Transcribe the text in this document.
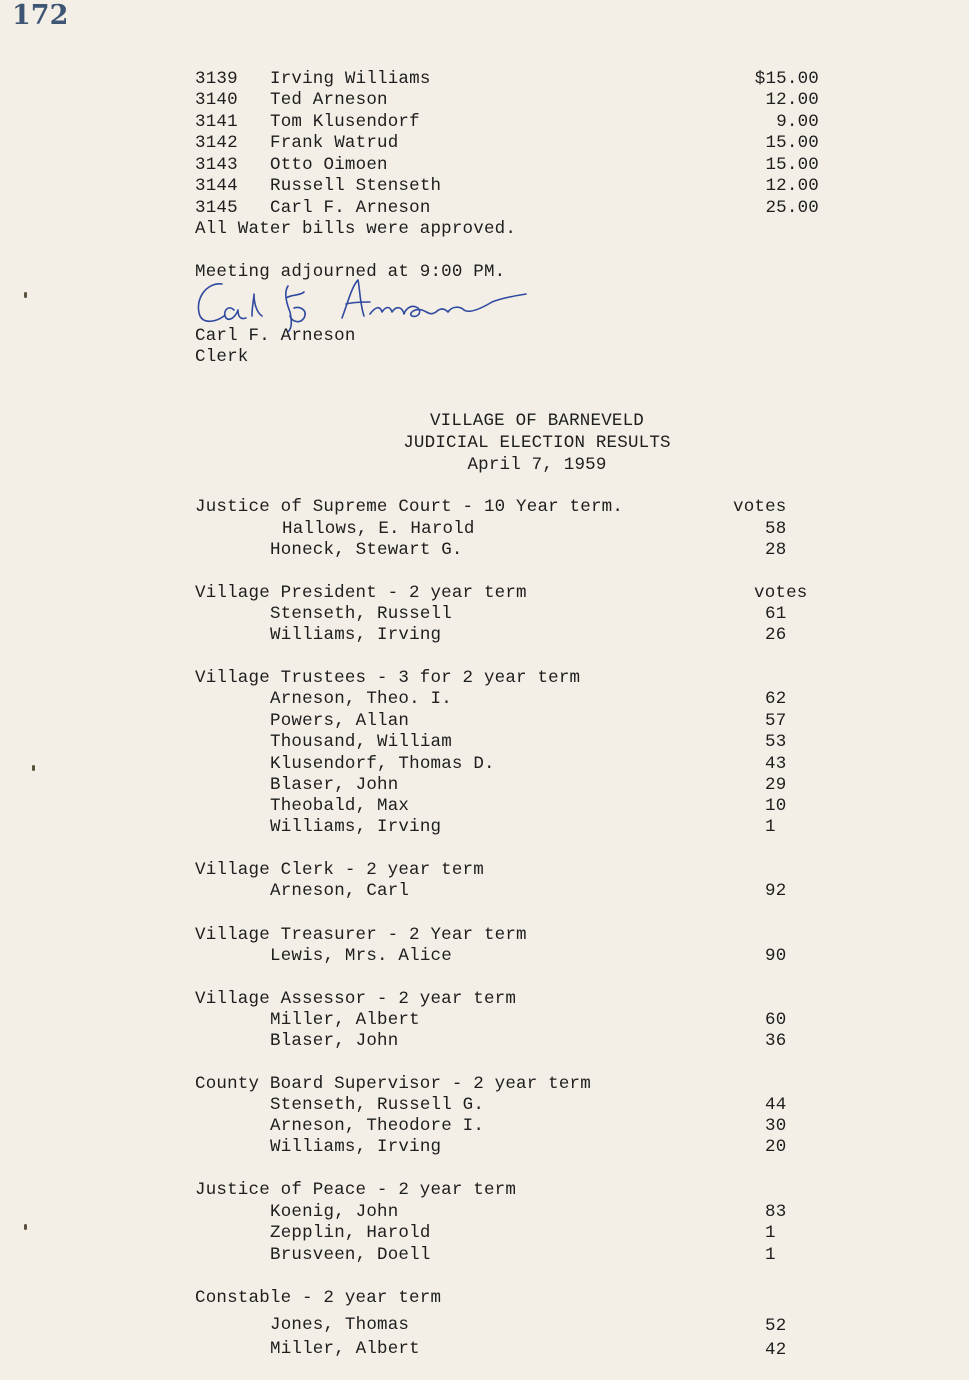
172
3139 Irving Williams	$15.00
3140 Ted Arneson	12.00
3141 Tom Klusendorf	9.00
3142 Frank Watrud	15.00
3143 Otto Oimoen	15.00
3144 Russell Stenseth	12.00
3145 Carl F. Arneson	25.00
All Water bills were approved.
Meeting adjourned at 9:00 PM.
Carl F. Arneson
Clerk
VILLAGE OF BARNEVELD
JUDICIAL ELECTION RESULTS
April 7, 1959
Justice of Supreme Court - 10 Year term.	votes
Hallows, E. Harold	58
Honeck, Stewart G.	28
Village President - 2 year term	votes
Stenseth, Russell	61
Williams, Irving	26
Village Trustees - 3 for 2 year term
Arneson, Theo. I.	62
Powers, Allan	57
Thousand, William	53
Klusendorf, Thomas D.	43
Blaser, John	29
Theobald, Max	10
Williams, Irving	1
Village Clerk - 2 year term
Arneson, Carl	92
Village Treasurer - 2 Year term
Lewis, Mrs. Alice	90
Village Assessor - 2 year term
Miller, Albert	60
Blaser, John	36
County Board Supervisor - 2 year term
Stenseth, Russell G.	44
Arneson, Theodore I.	30
Williams, Irving	20
Justice of Peace - 2 year term
Koenig, John	83
Zepplin, Harold	1
Brusveen, Doell	1
Constable - 2 year term
Jones, Thomas	52
Miller, Albert	42
